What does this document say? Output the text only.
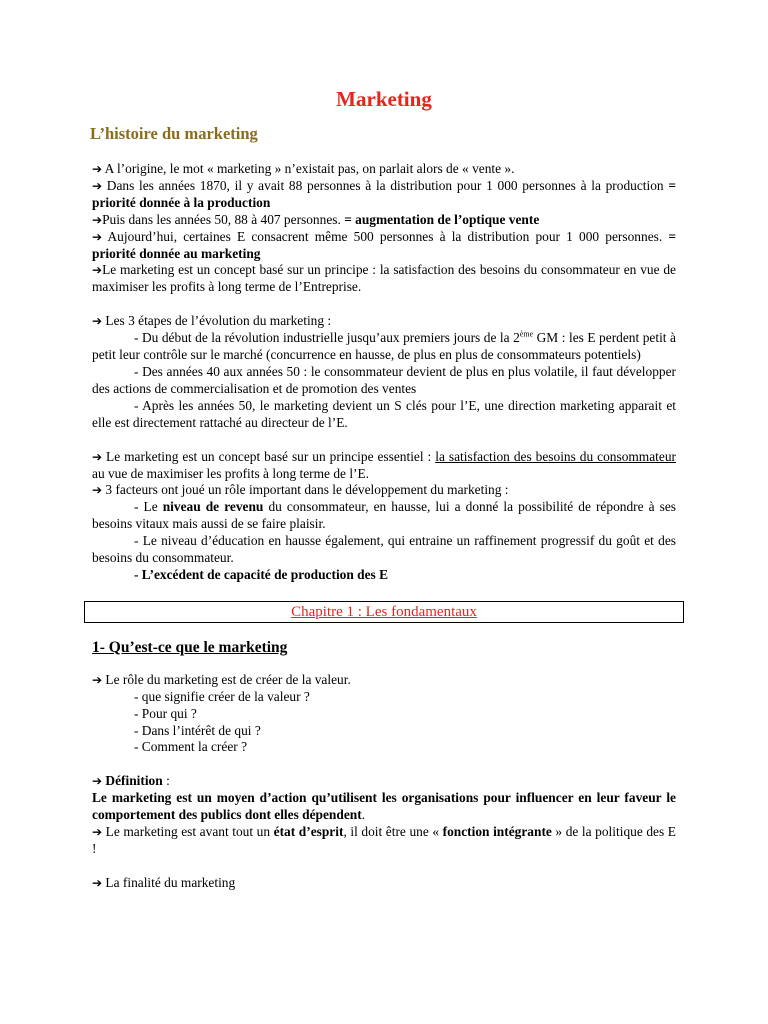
Marketing
L’histoire du marketing

➔ A l’origine, le mot « marketing » n’existait pas, on parlait alors de « vente ».

➔ Dans les années 1870, il y avait 88 personnes à la distribution pour 1 000 personnes à la production = priorité donnée à la production

➔Puis dans les années 50, 88 à 407 personnes. = augmentation de l’optique vente

➔ Aujourd’hui, certaines E consacrent même 500 personnes à la distribution pour 1 000 personnes. = priorité donnée au marketing

➔Le marketing est un concept basé sur un principe : la satisfaction des besoins du consommateur en vue de maximiser les profits à long terme de l’Entreprise.

➔ Les 3 étapes de l’évolution du marketing :

- Du début de la révolution industrielle jusqu’aux premiers jours de la 2ème GM : les E perdent petit à petit leur contrôle sur le marché (concurrence en hausse, de plus en plus de consommateurs potentiels)

- Des années 40 aux années 50 : le consommateur devient de plus en plus volatile, il faut développer des actions de commercialisation et de promotion des ventes

- Après les années 50, le marketing devient un S clés pour l’E, une direction marketing apparait et elle est directement rattaché au directeur de l’E.

➔ Le marketing est un concept basé sur un principe essentiel : la satisfaction des besoins du consommateur au vue de maximiser les profits à long terme de l’E.

➔ 3 facteurs ont joué un rôle important dans le développement du marketing :

- Le niveau de revenu du consommateur, en hausse, lui a donné la possibilité de répondre à ses besoins vitaux mais aussi de se faire plaisir.

- Le niveau d’éducation en hausse également, qui entraine un raffinement progressif du goût et des besoins du consommateur.

- L’excédent de capacité de production des E

Chapitre 1 : Les fondamentaux
1- Qu’est-ce que le marketing

➔ Le rôle du marketing est de créer de la valeur.

- que signifie créer de la valeur ?

- Pour qui ?

- Dans l’intérêt de qui ?

- Comment la créer ?

➔ Définition :

Le marketing est un moyen d’action qu’utilisent les organisations pour influencer en leur faveur le comportement des publics dont elles dépendent.

➔ Le marketing est avant tout un état d’esprit, il doit être une « fonction intégrante » de la politique des E !

➔ La finalité du marketing
